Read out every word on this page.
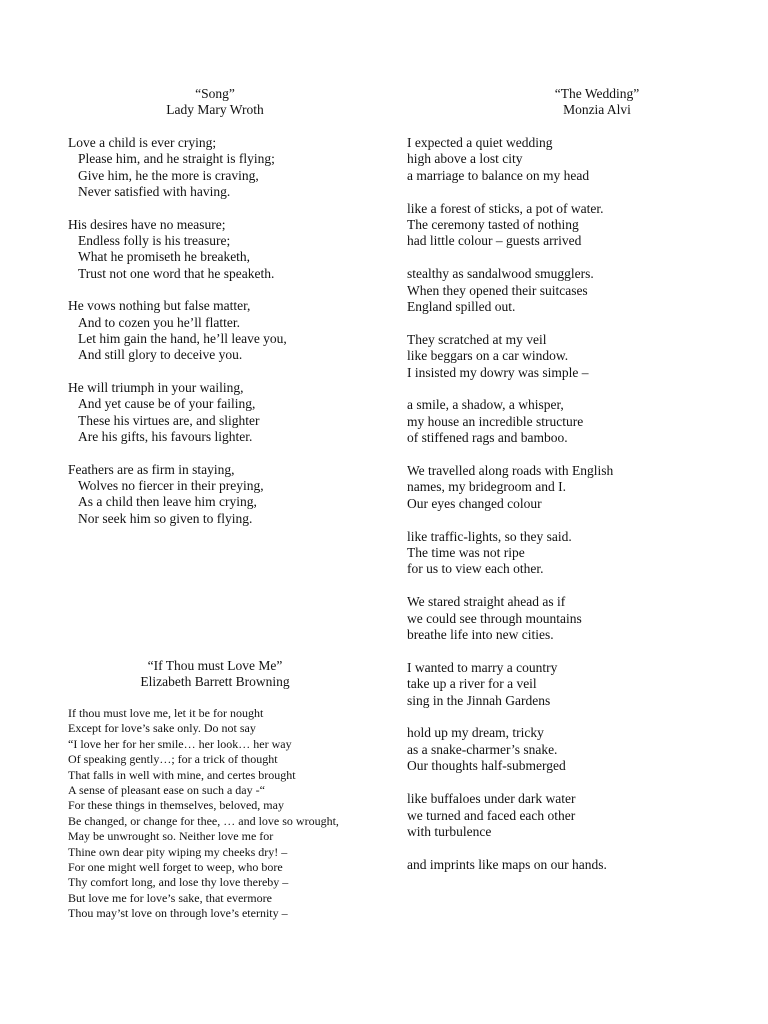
“Song”
Lady Mary Wroth
Love a child is ever crying;
Please him, and he straight is flying;
Give him, he the more is craving,
Never satisfied with having.
His desires have no measure;
Endless folly is his treasure;
What he promiseth he breaketh,
Trust not one word that he speaketh.
He vows nothing but false matter,
And to cozen you he’ll flatter.
Let him gain the hand, he’ll leave you,
And still glory to deceive you.
He will triumph in your wailing,
And yet cause be of your failing,
These his virtues are, and slighter
Are his gifts, his favours lighter.
Feathers are as firm in staying,
Wolves no fiercer in their preying,
As a child then leave him crying,
Nor seek him so given to flying.
“The Wedding”
Monzia Alvi
I expected a quiet wedding
high above a lost city
a marriage to balance on my head
like a forest of sticks, a pot of water.
The ceremony tasted of nothing
had little colour – guests arrived
stealthy as sandalwood smugglers.
When they opened their suitcases
England spilled out.
They scratched at my veil
like beggars on a car window.
I insisted my dowry was simple –
a smile, a shadow, a whisper,
my house an incredible structure
of stiffened rags and bamboo.
We travelled along roads with English
names, my bridegroom and I.
Our eyes changed colour
like traffic-lights, so they said.
The time was not ripe
for us to view each other.
We stared straight ahead as if
we could see through mountains
breathe life into new cities.
I wanted to marry a country
take up a river for a veil
sing in the Jinnah Gardens
hold up my dream, tricky
as a snake-charmer’s snake.
Our thoughts half-submerged
like buffaloes under dark water
we turned and faced each other
with turbulence
and imprints like maps on our hands.
“If Thou must Love Me”
Elizabeth Barrett Browning
If thou must love me, let it be for nought
Except for love’s sake only. Do not say
“I love her for her smile… her look… her way
Of speaking gently…; for a trick of thought
That falls in well with mine, and certes brought
A sense of pleasant ease on such a day -“
For these things in themselves, beloved, may
Be changed, or change for thee, … and love so wrought,
May be unwrought so. Neither love me for
Thine own dear pity wiping my cheeks dry! –
For one might well forget to weep, who bore
Thy comfort long, and lose thy love thereby –
But love me for love’s sake, that evermore
Thou may’st love on through love’s eternity –
